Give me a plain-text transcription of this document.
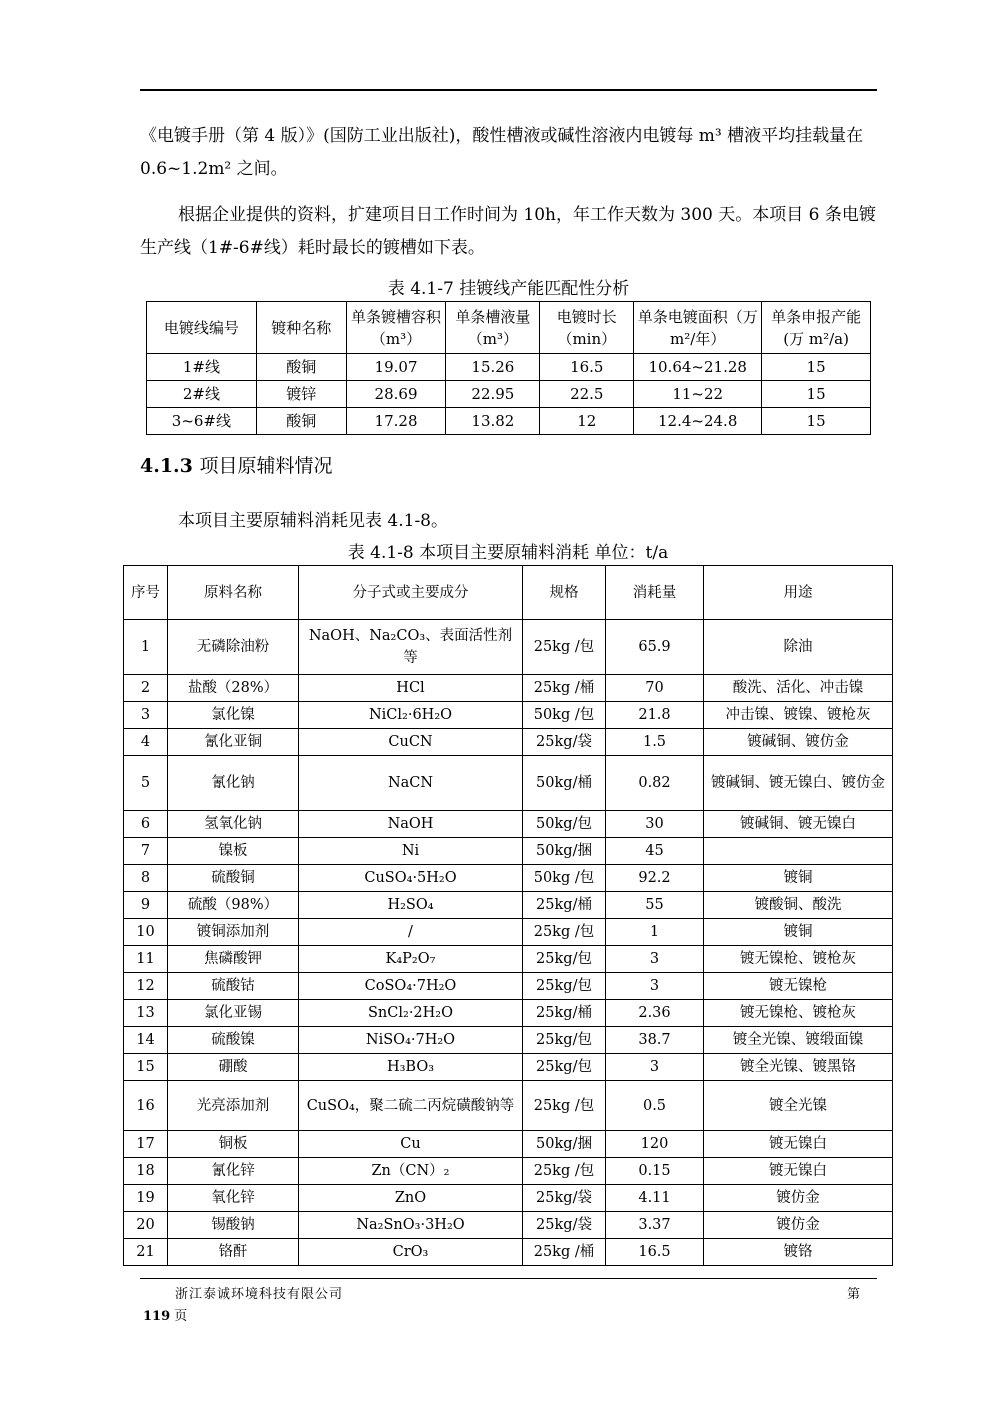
《电镀手册（第 4 版）》(国防工业出版社)，酸性槽液或碱性溶液内电镀每 m³ 槽液平均挂载量在 0.6~1.2m² 之间。

根据企业提供的资料，扩建项目日工作时间为 10h，年工作天数为 300 天。本项目 6 条电镀生产线（1#-6#线）耗时最长的镀槽如下表。

表 4.1-7 挂镀线产能匹配性分析
电镀线编号	镀种名称	单条镀槽容积（m³）	单条槽液量（m³）	电镀时长（min）	单条电镀面积（万 m²/年）	单条申报产能(万 m²/a)
1#线	酸铜	19.07	15.26	16.5	10.64~21.28	15
2#线	镀锌	28.69	22.95	22.5	11~22	15
3~6#线	酸铜	17.28	13.82	12	12.4~24.8	15
4.1.3 项目原辅料情况

本项目主要原辅料消耗见表 4.1-8。

表 4.1-8 本项目主要原辅料消耗 单位：t/a
序号	原料名称	分子式或主要成分	规格	消耗量	用途
1	无磷除油粉	NaOH、Na₂CO₃、表面活性剂等	25kg /包	65.9	除油
2	盐酸（28%）	HCl	25kg /桶	70	酸洗、活化、冲击镍
3	氯化镍	NiCl₂·6H₂O	50kg /包	21.8	冲击镍、镀镍、镀枪灰
4	氰化亚铜	CuCN	25kg/袋	1.5	镀碱铜、镀仿金
5	氰化钠	NaCN	50kg/桶	0.82	镀碱铜、镀无镍白、镀仿金
6	氢氧化钠	NaOH	50kg/包	30	镀碱铜、镀无镍白
7	镍板	Ni	50kg/捆	45	
8	硫酸铜	CuSO₄·5H₂O	50kg /包	92.2	镀铜
9	硫酸（98%）	H₂SO₄	25kg/桶	55	镀酸铜、酸洗
10	镀铜添加剂	/	25kg /包	1	镀铜
11	焦磷酸钾	K₄P₂O₇	25kg/包	3	镀无镍枪、镀枪灰
12	硫酸钴	CoSO₄·7H₂O	25kg/包	3	镀无镍枪
13	氯化亚锡	SnCl₂·2H₂O	25kg/桶	2.36	镀无镍枪、镀枪灰
14	硫酸镍	NiSO₄·7H₂O	25kg/包	38.7	镀全光镍、镀缎面镍
15	硼酸	H₃BO₃	25kg/包	3	镀全光镍、镀黑铬
16	光亮添加剂	CuSO₄，聚二硫二丙烷磺酸钠等	25kg /包	0.5	镀全光镍
17	铜板	Cu	50kg/捆	120	镀无镍白
18	氰化锌	Zn（CN）₂	25kg /包	0.15	镀无镍白
19	氧化锌	ZnO	25kg/袋	4.11	镀仿金
20	锡酸钠	Na₂SnO₃·3H₂O	25kg/袋	3.37	镀仿金
21	铬酐	CrO₃	25kg /桶	16.5	镀铬
浙江泰诚环境科技有限公司	第
119 页
